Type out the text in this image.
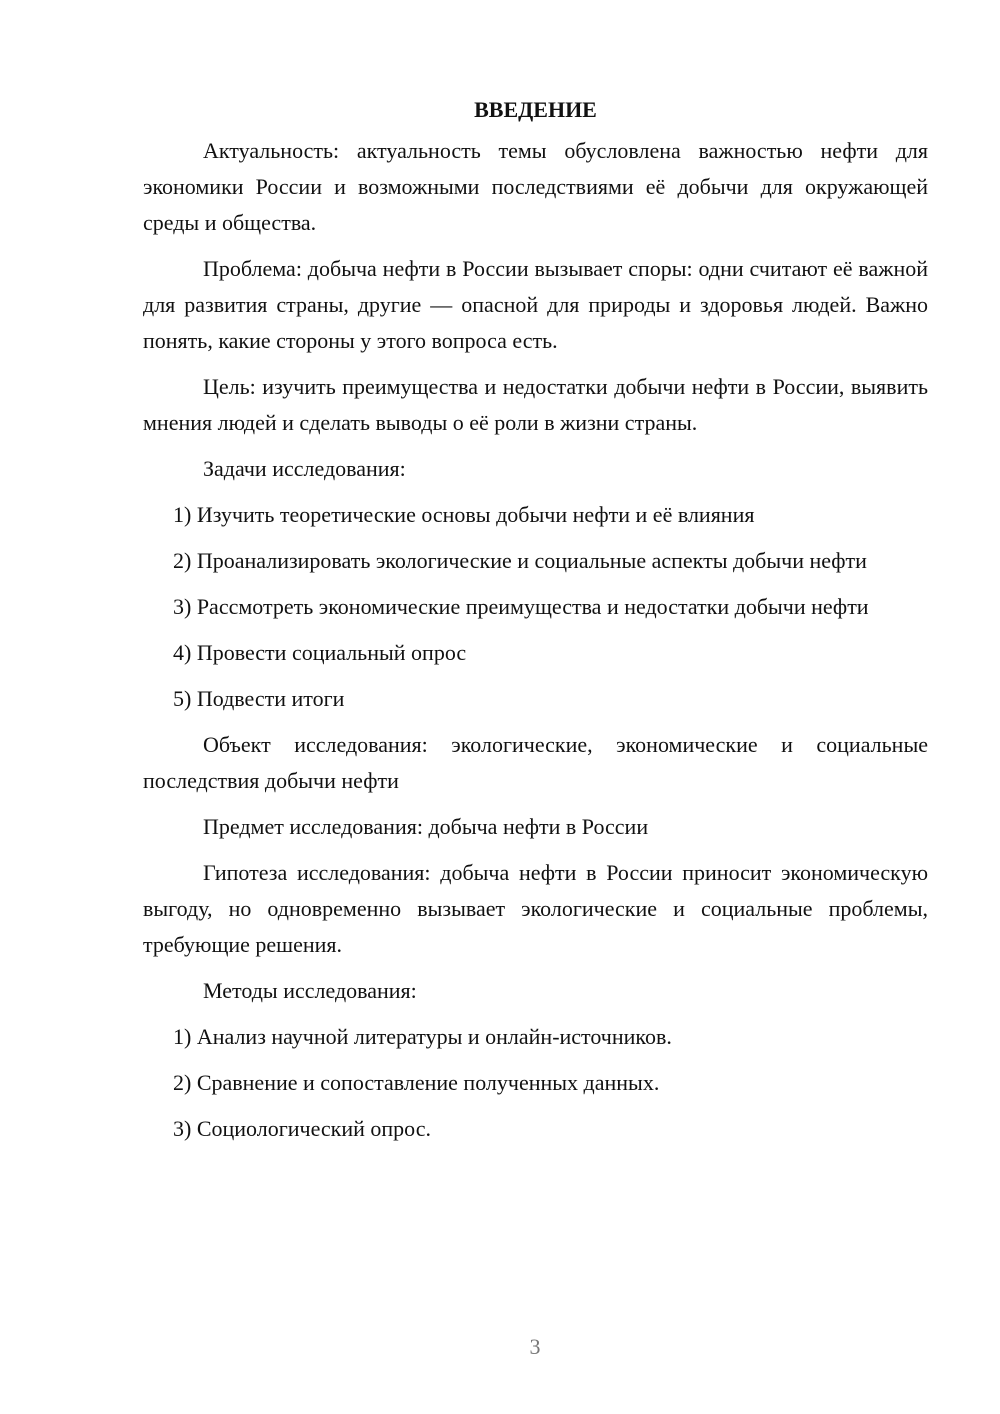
ВВЕДЕНИЕ

Актуальность: актуальность темы обусловлена важностью нефти для экономики России и возможными последствиями её добычи для окружающей среды и общества.

Проблема: добыча нефти в России вызывает споры: одни считают её важной для развития страны, другие — опасной для природы и здоровья людей. Важно понять, какие стороны у этого вопроса есть.

Цель: изучить преимущества и недостатки добычи нефти в России, выявить мнения людей и сделать выводы о её роли в жизни страны.

Задачи исследования:

1) Изучить теоретические основы добычи нефти и её влияния

2) Проанализировать экологические и социальные аспекты добычи нефти

3) Рассмотреть экономические преимущества и недостатки добычи нефти

4) Провести социальный опрос

5) Подвести итоги

Объект исследования: экологические, экономические и социальные последствия добычи нефти

Предмет исследования: добыча нефти в России

Гипотеза исследования: добыча нефти в России приносит экономическую выгоду, но одновременно вызывает экологические и социальные проблемы, требующие решения.

Методы исследования:

1) Анализ научной литературы и онлайн-источников.

2) Сравнение и сопоставление полученных данных.

3) Социологический опрос.

3
